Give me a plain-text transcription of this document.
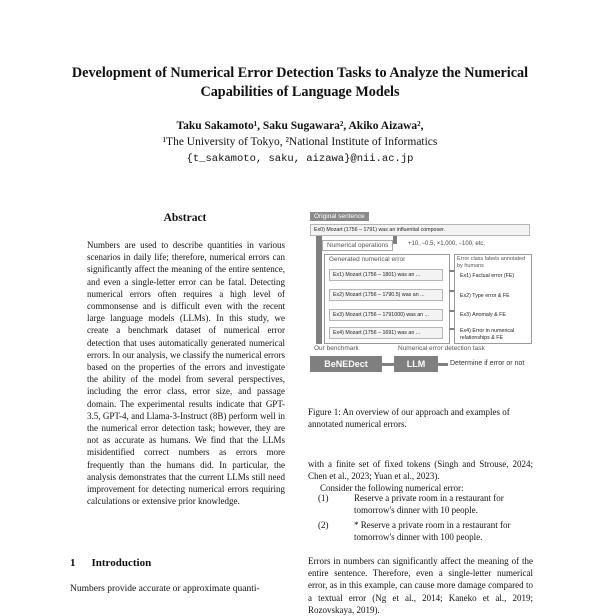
Development of Numerical Error Detection Tasks to Analyze the Numerical Capabilities of Language Models
Taku Sakamoto¹, Saku Sugawara², Akiko Aizawa²,
¹The University of Tokyo, ²National Institute of Informatics
{t_sakamoto, saku, aizawa}@nii.ac.jp
Abstract
Numbers are used to describe quantities in various scenarios in daily life; therefore, numerical errors can significantly affect the meaning of the entire sentence, and even a single-letter error can be fatal. Detecting numerical errors often requires a high level of commonsense and is difficult even with the recent large language models (LLMs). In this study, we create a benchmark dataset of numerical error detection that uses automatically generated numerical errors. In our analysis, we classify the numerical errors based on the properties of the errors and investigate the ability of the model from several perspectives, including the error class, error size, and passage domain. The experimental results indicate that GPT-3.5, GPT-4, and Llama-3-Instruct (8B) perform well in the numerical error detection task; however, they are not as accurate as humans. We find that the LLMs misidentified correct numbers as errors more frequently than the humans did. In particular, the analysis demonstrates that the current LLMs still need improvement for detecting numerical errors requiring calculations or extensive prior knowledge.
1 Introduction
Numbers provide accurate or approximate quanti-
Original sentence
Ex0) Mozart (1756 – 1791) was an influential composer.
Numerical operations	+10, −0.5, ×1,000, −100, etc.
Generated numerical error
Ex1) Mozart (1756 – 1801) was an ...
Ex2) Mozart (1756 – 1790.5) was an ...
Ex3) Mozart (1756 – 1791000) was an ...
Ex4) Mozart (1756 – 1691) was an ...
Error class labels annotated by humans
Ex1) Factual error (FE)
Ex2) Type error & FE
Ex3) Anomaly & FE
Ex4) Error in numerical relationships & FE
Our benchmark	Numerical error detection task
BeNEDect	LLM	Determine if error or not
Figure 1: An overview of our approach and examples of annotated numerical errors.
with a finite set of fixed tokens (Singh and Strouse, 2024; Chen et al., 2023; Yuan et al., 2023).
Consider the following numerical error:
(1)	Reserve a private room in a restaurant for tomorrow's dinner with 10 people.
(2)	* Reserve a private room in a restaurant for tomorrow's dinner with 100 people.
Errors in numbers can significantly affect the meaning of the entire sentence. Therefore, even a single-letter numerical error, as in this example, can cause more damage compared to a textual error (Ng et al., 2014; Kaneko et al., 2019; Rozovskaya, 2019).
